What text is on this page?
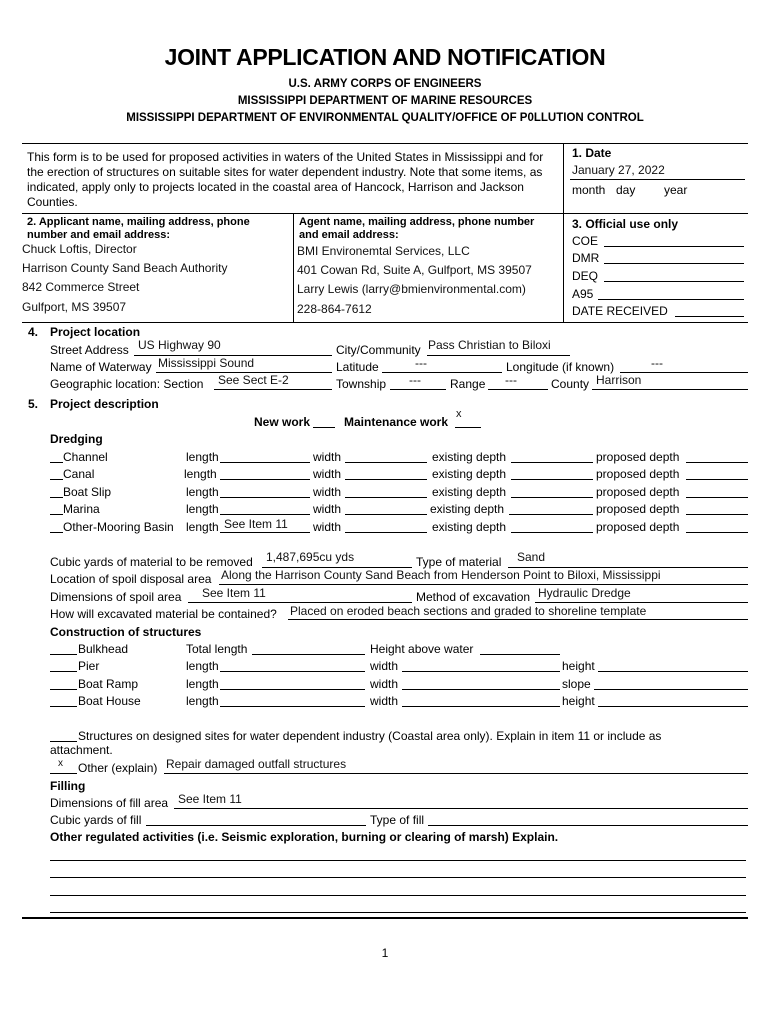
JOINT APPLICATION AND NOTIFICATION
U.S. ARMY CORPS OF ENGINEERS
MISSISSIPPI DEPARTMENT OF MARINE RESOURCES
MISSISSIPPI DEPARTMENT OF ENVIRONMENTAL QUALITY/OFFICE OF P0LLUTION CONTROL
This form is to be used for proposed activities in waters of the United States in Mississippi and for the erection of structures on suitable sites for water dependent industry. Note that some items, as indicated, apply only to projects located in the coastal area of Hancock, Harrison and Jackson Counties.
1. Date
January 27, 2022
month day year
2. Applicant name, mailing address, phone
number and email address:
Chuck Loftis, Director
Harrison County Sand Beach Authority
842 Commerce Street
Gulfport, MS 39507
Agent name, mailing address, phone number
and email address:
BMI Environemtal Services, LLC
401 Cowan Rd, Suite A, Gulfport, MS 39507
Larry Lewis (larry@bmienvironmental.com)
228-864-7612
3. Official use only
COE
DMR
DEQ
A95
DATE RECEIVED
4. Project location
Street Address US Highway 90	City/Community Pass Christian to Biloxi
Name of Waterway Mississippi Sound	Latitude	---	Longitude (if known)	---
Geographic location: Section See Sect E-2	Township --- Range ---	County Harrison
5. Project description
New work	Maintenance work
x
Dredging
Channel	length	width	existing depth	proposed depth
Canal	length	width	existing depth	proposed depth
Boat Slip	length	width	existing depth	proposed depth
Marina	length	width	existing depth	proposed depth
Other-Mooring Basin length See Item 11 width	existing depth	proposed depth
Cubic yards of material to be removed 1,487,695cu yds	Type of material Sand
Location of spoil disposal area Along the Harrison County Sand Beach from Henderson Point to Biloxi, Mississippi
Dimensions of spoil area See Item 11	Method of excavation Hydraulic Dredge
How will excavated material be contained? Placed on eroded beach sections and graded to shoreline template
Construction of structures
Bulkhead	Total length	Height above water
Pier	length	width	height
Boat Ramp	length	width	slope
Boat House	length	width	height
Structures on designed sites for water dependent industry (Coastal area only). Explain in item 11 or include as
attachment.
x Other (explain) Repair damaged outfall structures
Filling
Dimensions of fill area See Item 11
Cubic yards of fill	Type of fill
Other regulated activities (i.e. Seismic exploration, burning or clearing of marsh) Explain.
1
